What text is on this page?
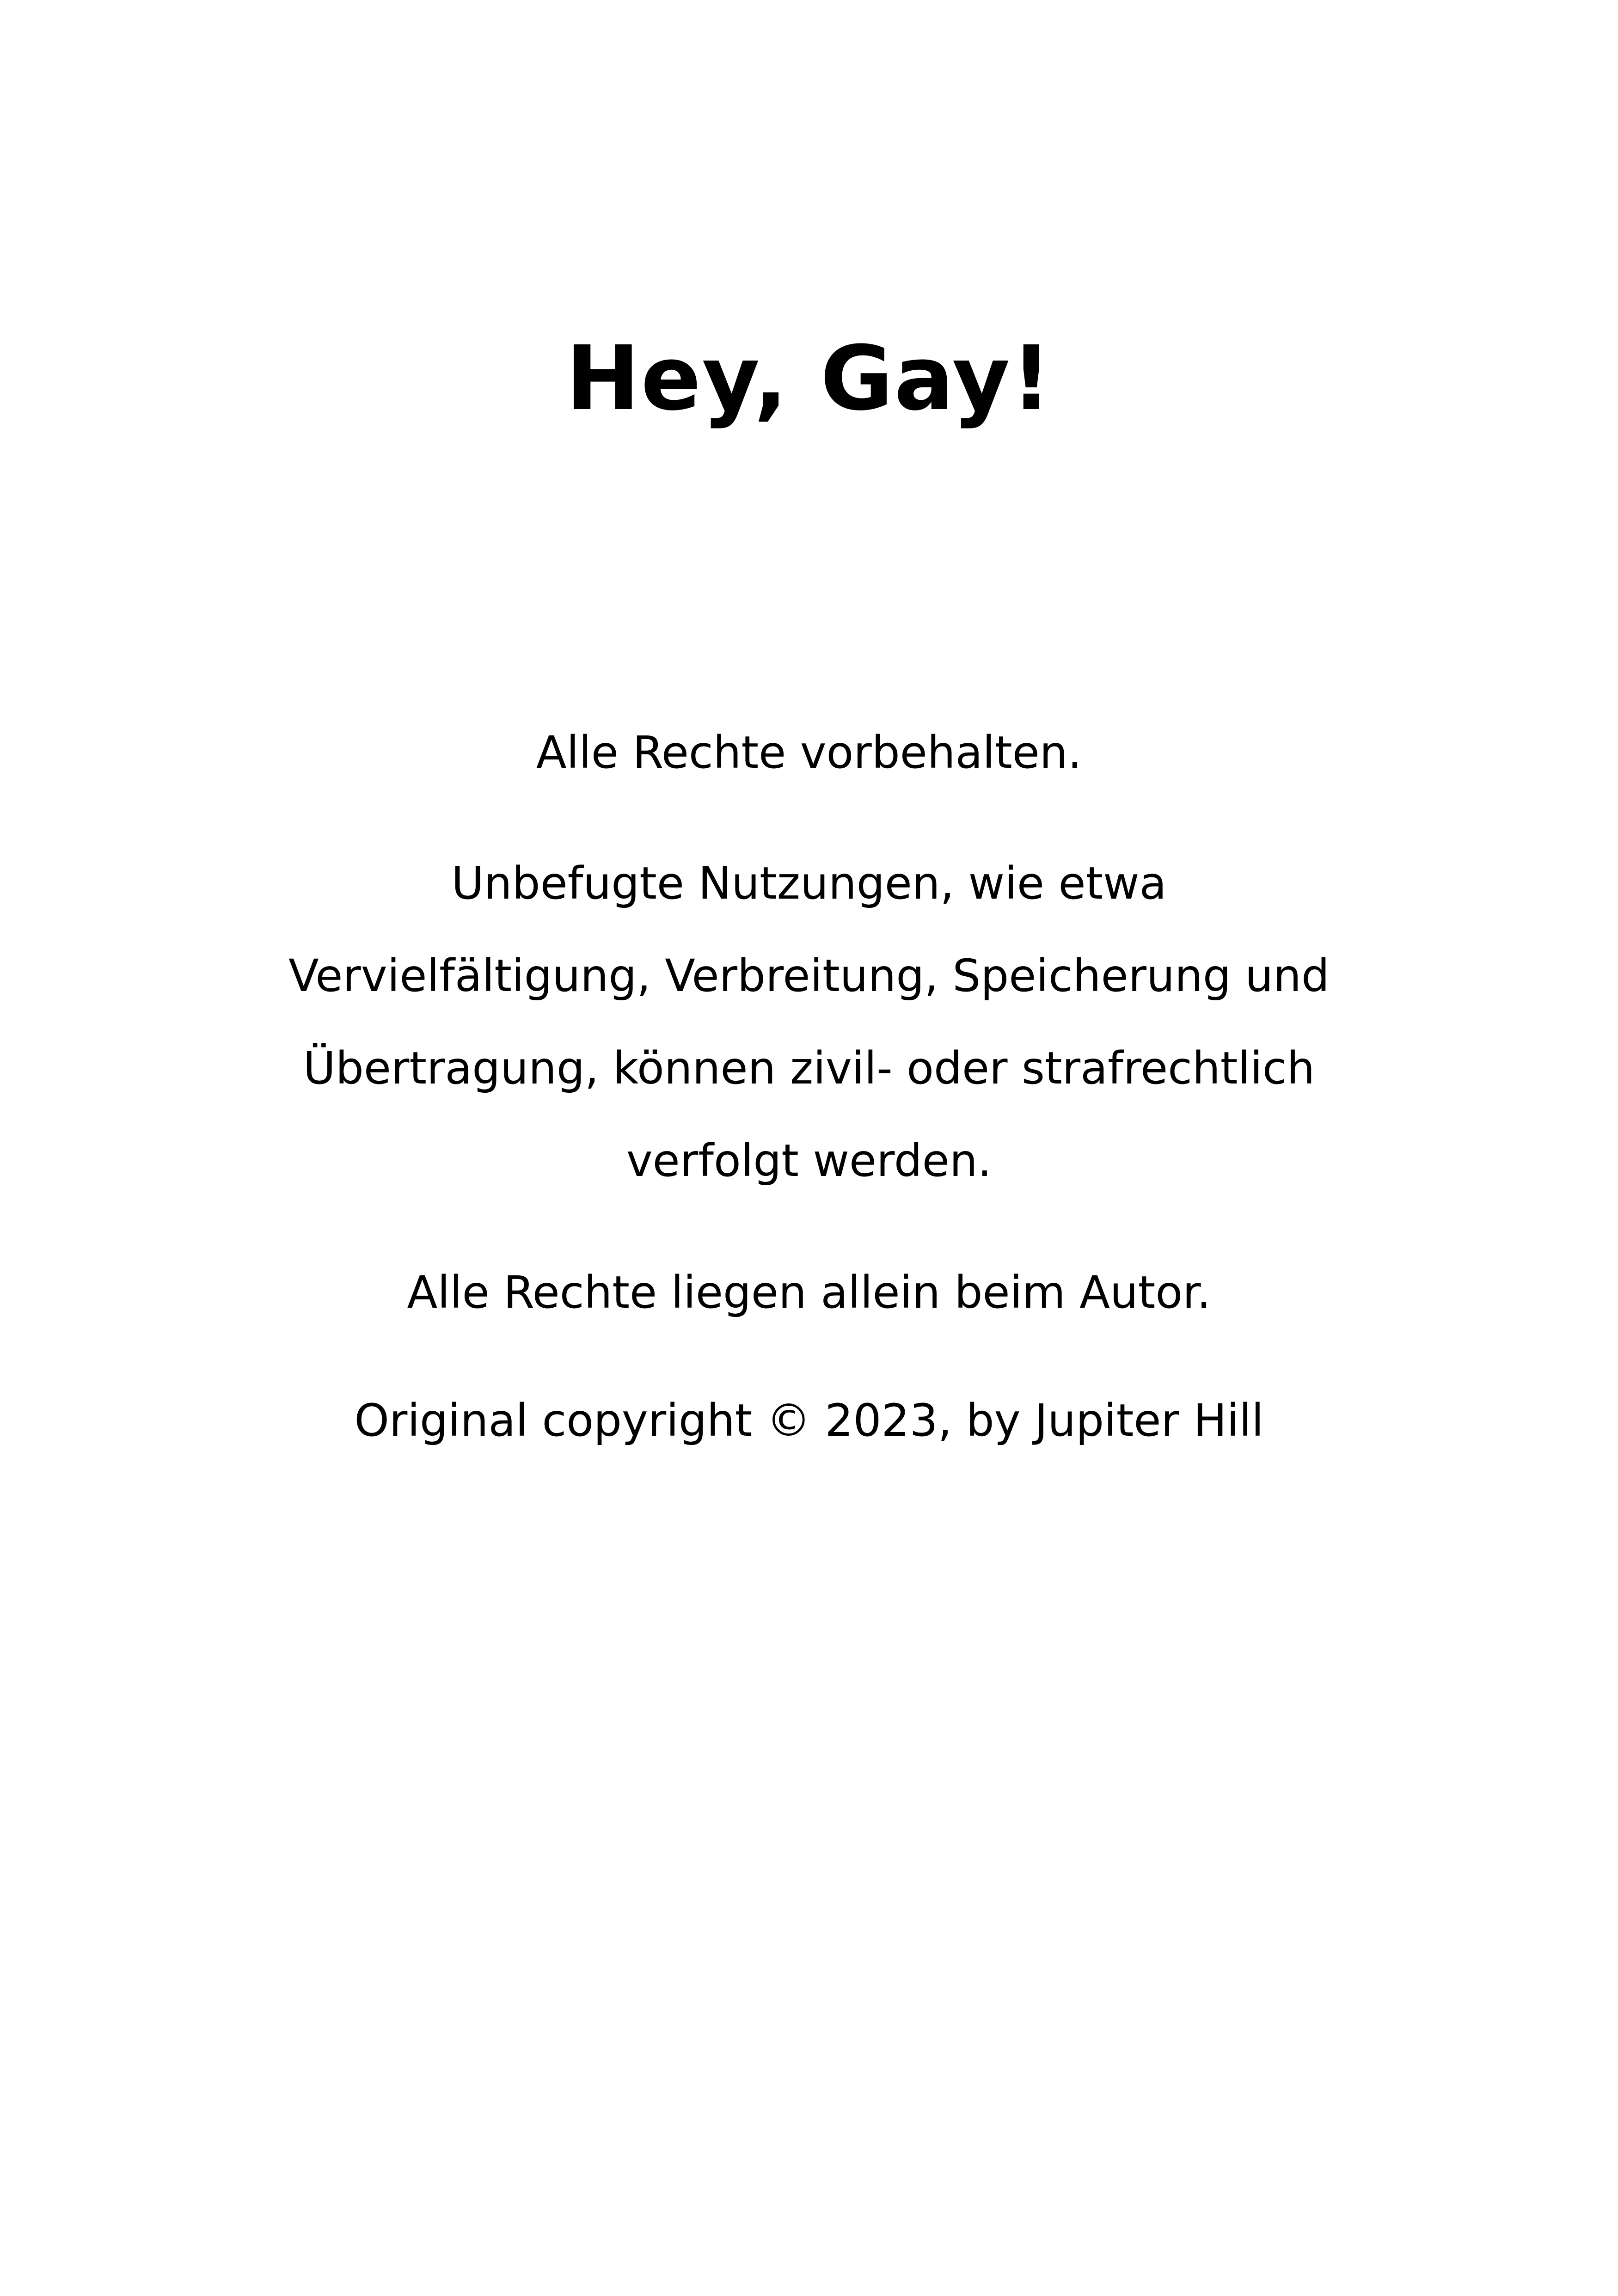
Hey, Gay!

Alle Rechte vorbehalten.

Unbefugte Nutzungen, wie etwa

Vervielfältigung, Verbreitung, Speicherung und

Übertragung, können zivil- oder strafrechtlich

verfolgt werden.

Alle Rechte liegen allein beim Autor.

Original copyright © 2023, by Jupiter Hill
